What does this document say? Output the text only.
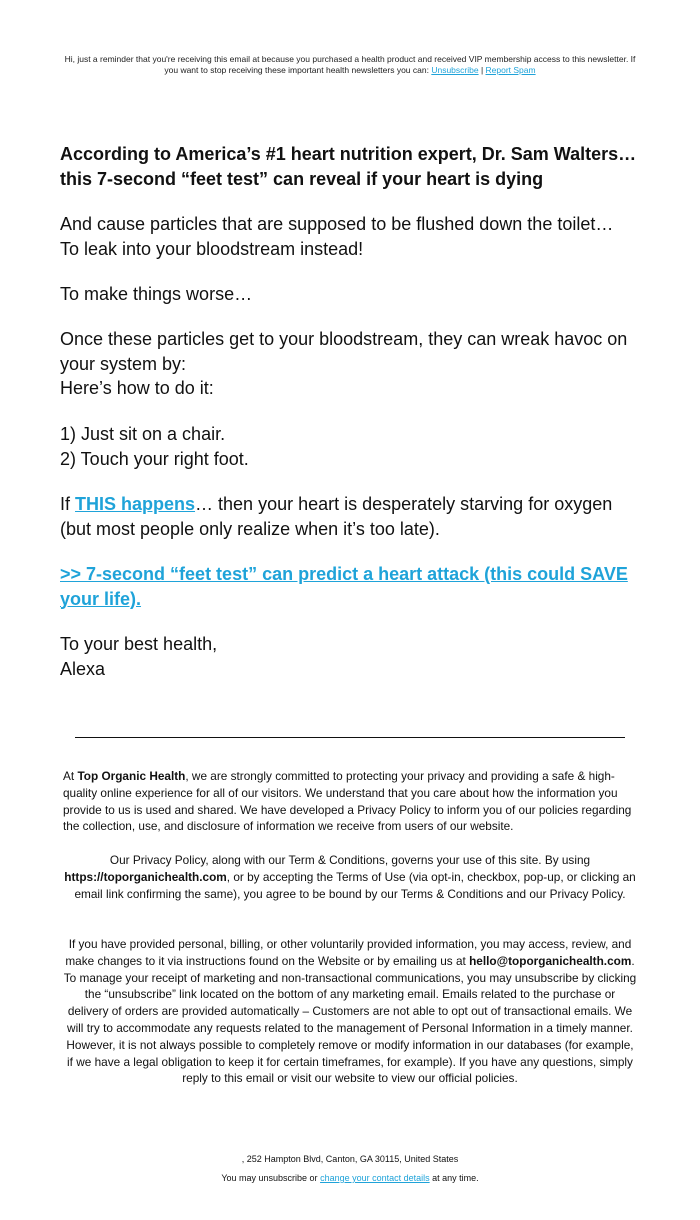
Hi, just a reminder that you're receiving this email at because you purchased a health product and received VIP membership access to this newsletter. If you want to stop receiving these important health newsletters you can: Unsubscribe | Report Spam

According to America’s #1 heart nutrition expert, Dr. Sam Walters…
this 7-second “feet test” can reveal if your heart is dying

And cause particles that are supposed to be flushed down the toilet…
To leak into your bloodstream instead!

To make things worse…

Once these particles get to your bloodstream, they can wreak havoc on
your system by:
Here’s how to do it:

1) Just sit on a chair.
2) Touch your right foot.

If THIS happens… then your heart is desperately starving for oxygen
(but most people only realize when it’s too late).

>> 7-second “feet test” can predict a heart attack (this could SAVE
your life).

To your best health,
Alexa

At Top Organic Health, we are strongly committed to protecting your privacy and providing a safe & high-quality online experience for all of our visitors. We understand that you care about how the information you provide to us is used and shared. We have developed a Privacy Policy to inform you of our policies regarding the collection, use, and disclosure of information we receive from users of our website.
Our Privacy Policy, along with our Term & Conditions, governs your use of this site. By using https://toporganichealth.com, or by accepting the Terms of Use (via opt-in, checkbox, pop-up, or clicking an email link confirming the same), you agree to be bound by our Terms & Conditions and our Privacy Policy.
If you have provided personal, billing, or other voluntarily provided information, you may access, review, and make changes to it via instructions found on the Website or by emailing us at hello@toporganichealth.com. To manage your receipt of marketing and non-transactional communications, you may unsubscribe by clicking the “unsubscribe” link located on the bottom of any marketing email. Emails related to the purchase or delivery of orders are provided automatically – Customers are not able to opt out of transactional emails. We will try to accommodate any requests related to the management of Personal Information in a timely manner. However, it is not always possible to completely remove or modify information in our databases (for example, if we have a legal obligation to keep it for certain timeframes, for example). If you have any questions, simply reply to this email or visit our website to view our official policies.
, 252 Hampton Blvd, Canton, GA 30115, United States
You may unsubscribe or change your contact details at any time.
